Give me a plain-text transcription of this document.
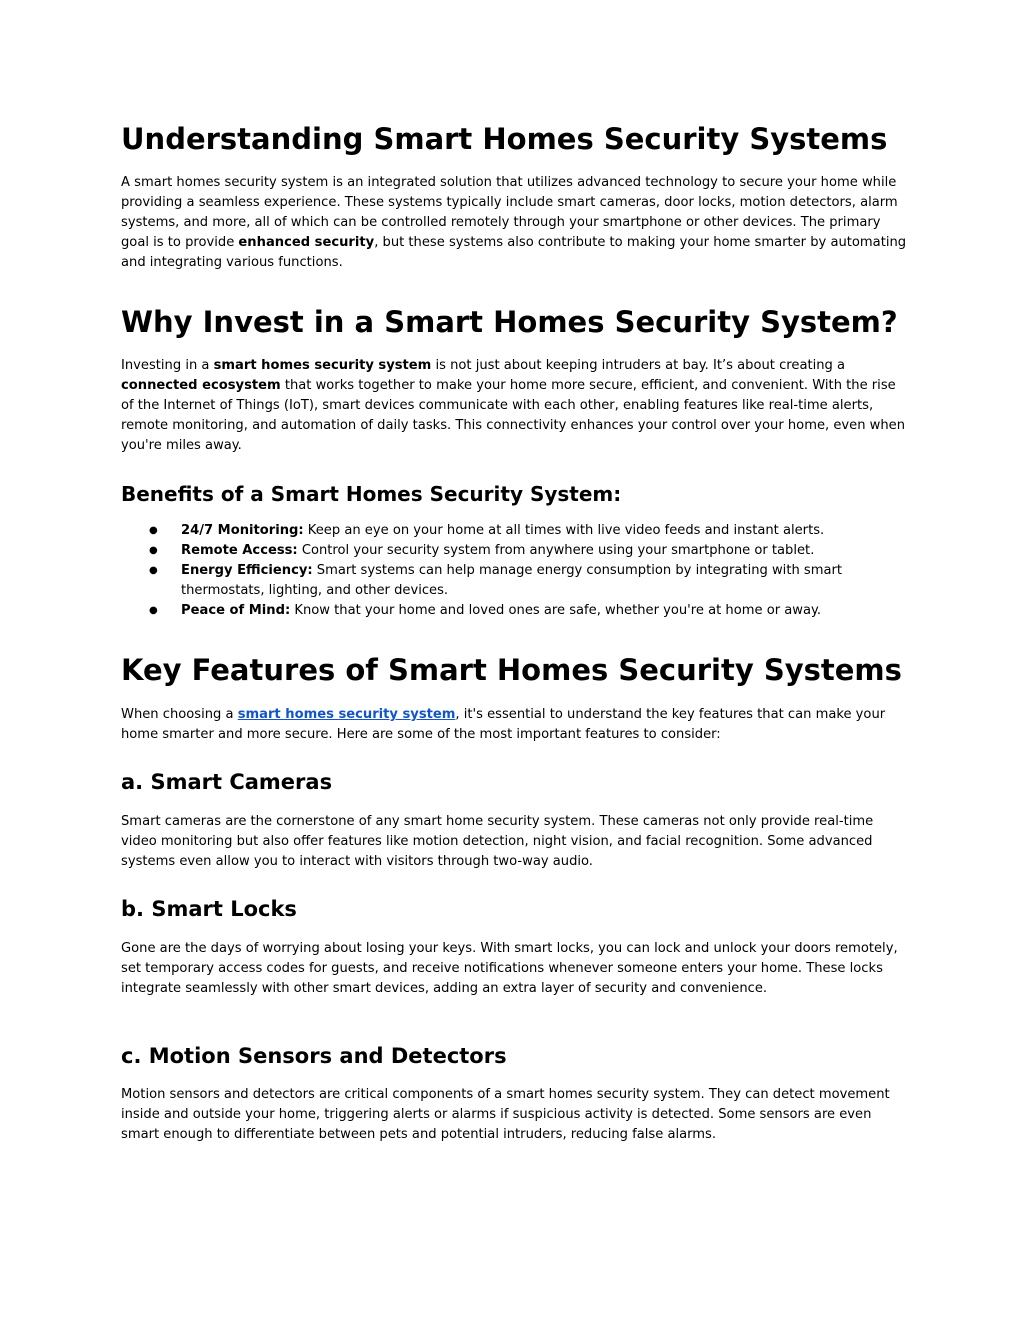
Understanding Smart Homes Security Systems

A smart homes security system is an integrated solution that utilizes advanced technology to secure your home while providing a seamless experience. These systems typically include smart cameras, door locks, motion detectors, alarm systems, and more, all of which can be controlled remotely through your smartphone or other devices. The primary goal is to provide enhanced security, but these systems also contribute to making your home smarter by automating and integrating various functions.

Why Invest in a Smart Homes Security System?

Investing in a smart homes security system is not just about keeping intruders at bay. It’s about creating a connected ecosystem that works together to make your home more secure, efficient, and convenient. With the rise of the Internet of Things (IoT), smart devices communicate with each other, enabling features like real-time alerts, remote monitoring, and automation of daily tasks. This connectivity enhances your control over your home, even when you're miles away.

Benefits of a Smart Homes Security System:
● 24/7 Monitoring: Keep an eye on your home at all times with live video feeds and instant alerts.
● Remote Access: Control your security system from anywhere using your smartphone or tablet.
● Energy Efficiency: Smart systems can help manage energy consumption by integrating with smart thermostats, lighting, and other devices.
● Peace of Mind: Know that your home and loved ones are safe, whether you're at home or away.
Key Features of Smart Homes Security Systems

When choosing a smart homes security system, it's essential to understand the key features that can make your home smarter and more secure. Here are some of the most important features to consider:

a. Smart Cameras

Smart cameras are the cornerstone of any smart home security system. These cameras not only provide real-time video monitoring but also offer features like motion detection, night vision, and facial recognition. Some advanced systems even allow you to interact with visitors through two-way audio.

b. Smart Locks

Gone are the days of worrying about losing your keys. With smart locks, you can lock and unlock your doors remotely, set temporary access codes for guests, and receive notifications whenever someone enters your home. These locks integrate seamlessly with other smart devices, adding an extra layer of security and convenience.

c. Motion Sensors and Detectors

Motion sensors and detectors are critical components of a smart homes security system. They can detect movement inside and outside your home, triggering alerts or alarms if suspicious activity is detected. Some sensors are even smart enough to differentiate between pets and potential intruders, reducing false alarms.
